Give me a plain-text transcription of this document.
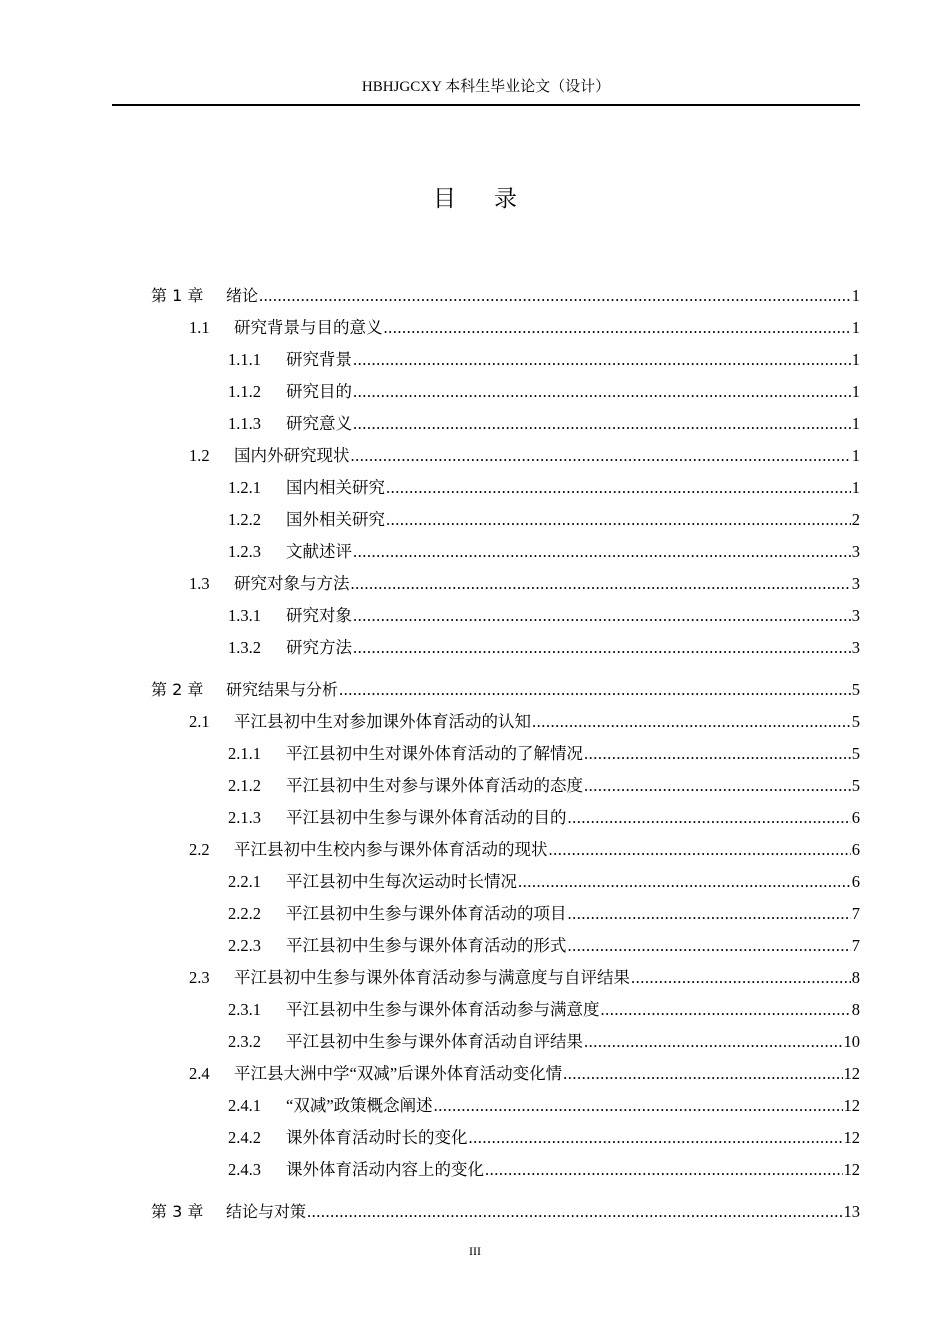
HBHJGCXY 本科生毕业论文（设计）
目录
第 1 章	绪论 .....	1
1.1	研究背景与目的意义 .....	1
1.1.1	研究背景 .....	1
1.1.2	研究目的 .....	1
1.1.3	研究意义 .....	1
1.2	国内外研究现状 .....	1
1.2.1	国内相关研究 .....	1
1.2.2	国外相关研究 .....	2
1.2.3	文献述评 .....	3
1.3	研究对象与方法 .....	3
1.3.1	研究对象 .....	3
1.3.2	研究方法 .....	3
第 2 章	研究结果与分析 .....	5
2.1	平江县初中生对参加课外体育活动的认知 .....	5
2.1.1	平江县初中生对课外体育活动的了解情况 .....	5
2.1.2	平江县初中生对参与课外体育活动的态度 .....	5
2.1.3	平江县初中生参与课外体育活动的目的 .....	6
2.2	平江县初中生校内参与课外体育活动的现状 .....	6
2.2.1	平江县初中生每次运动时长情况 .....	6
2.2.2	平江县初中生参与课外体育活动的项目 .....	7
2.2.3	平江县初中生参与课外体育活动的形式 .....	7
2.3	平江县初中生参与课外体育活动参与满意度与自评结果 .....	8
2.3.1	平江县初中生参与课外体育活动参与满意度 .....	8
2.3.2	平江县初中生参与课外体育活动自评结果 .....	10
2.4	平江县大洲中学“双减”后课外体育活动变化情 .....	12
2.4.1	“双减”政策概念阐述 .....	12
2.4.2	课外体育活动时长的变化 .....	12
2.4.3	课外体育活动内容上的变化 .....	12
第 3 章	结论与对策 .....	13
III
